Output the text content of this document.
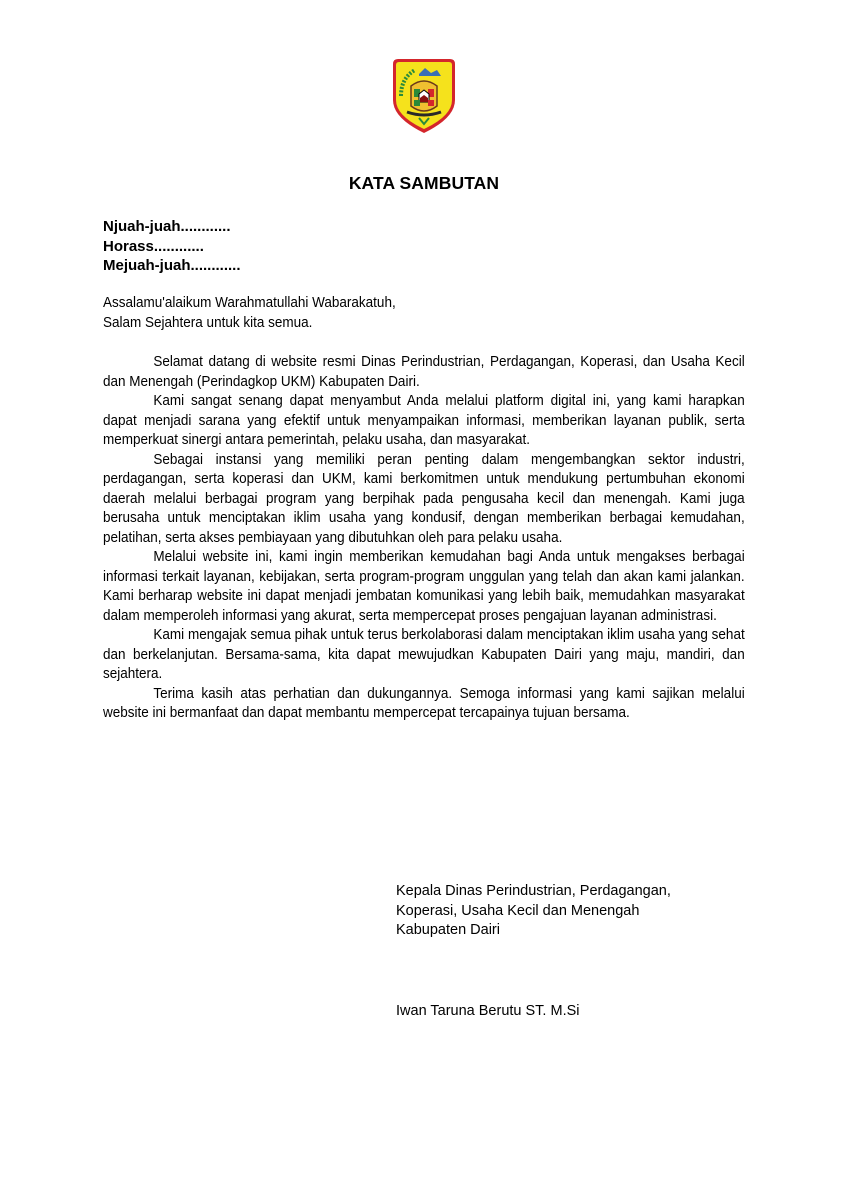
KATA SAMBUTAN
Njuah-juah............
Horass............
Mejuah-juah............
Assalamu'alaikum Warahmatullahi Wabarakatuh,
Salam Sejahtera untuk kita semua.

Selamat datang di website resmi Dinas Perindustrian, Perdagangan, Koperasi, dan Usaha Kecil dan Menengah (Perindagkop UKM) Kabupaten Dairi.

Kami sangat senang dapat menyambut Anda melalui platform digital ini, yang kami harapkan dapat menjadi sarana yang efektif untuk menyampaikan informasi, memberikan layanan publik, serta memperkuat sinergi antara pemerintah, pelaku usaha, dan masyarakat.

Sebagai instansi yang memiliki peran penting dalam mengembangkan sektor industri, perdagangan, serta koperasi dan UKM, kami berkomitmen untuk mendukung pertumbuhan ekonomi daerah melalui berbagai program yang berpihak pada pengusaha kecil dan menengah. Kami juga berusaha untuk menciptakan iklim usaha yang kondusif, dengan memberikan berbagai kemudahan, pelatihan, serta akses pembiayaan yang dibutuhkan oleh para pelaku usaha.

Melalui website ini, kami ingin memberikan kemudahan bagi Anda untuk mengakses berbagai informasi terkait layanan, kebijakan, serta program-program unggulan yang telah dan akan kami jalankan. Kami berharap website ini dapat menjadi jembatan komunikasi yang lebih baik, memudahkan masyarakat dalam memperoleh informasi yang akurat, serta mempercepat proses pengajuan layanan administrasi.

Kami mengajak semua pihak untuk terus berkolaborasi dalam menciptakan iklim usaha yang sehat dan berkelanjutan. Bersama-sama, kita dapat mewujudkan Kabupaten Dairi yang maju, mandiri, dan sejahtera.

Terima kasih atas perhatian dan dukungannya. Semoga informasi yang kami sajikan melalui website ini bermanfaat dan dapat membantu mempercepat tercapainya tujuan bersama.

Kepala Dinas Perindustrian, Perdagangan,
Koperasi, Usaha Kecil dan Menengah
Kabupaten Dairi
Iwan Taruna Berutu ST. M.Si
